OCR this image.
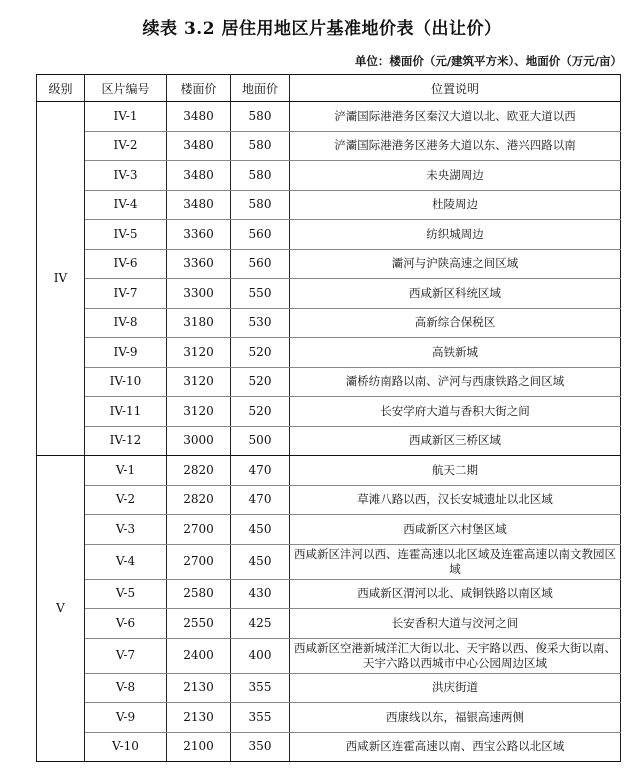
续表 3.2 居住用地区片基准地价表（出让价）
单位：楼面价（元/建筑平方米）、地面价（万元/亩）
级别	区片编号	楼面价	地面价	位置说明
IV	IV-1	3480	580	浐灞国际港港务区秦汉大道以北、欧亚大道以西
	IV-2	3480	580	浐灞国际港港务区港务大道以东、港兴四路以南
	IV-3	3480	580	未央湖周边
	IV-4	3480	580	杜陵周边
	IV-5	3360	560	纺织城周边
	IV-6	3360	560	灞河与沪陕高速之间区域
	IV-7	3300	550	西咸新区科统区域
	IV-8	3180	530	高新综合保税区
	IV-9	3120	520	高铁新城
	IV-10	3120	520	灞桥纺南路以南、浐河与西康铁路之间区域
	IV-11	3120	520	长安学府大道与香积大街之间
	IV-12	3000	500	西咸新区三桥区域
V	V-1	2820	470	航天二期
	V-2	2820	470	草滩八路以西，汉长安城遗址以北区域
	V-3	2700	450	西咸新区六村堡区域
	V-4	2700	450	西咸新区沣河以西、连霍高速以北区域及连霍高速以南文教园区域
	V-5	2580	430	西咸新区渭河以北、咸铜铁路以南区域
	V-6	2550	425	长安香积大道与洨河之间
	V-7	2400	400	西咸新区空港新城洋汇大街以北、天宇路以西、俊采大街以南、天宇六路以西城市中心公园周边区域
	V-8	2130	355	洪庆街道
	V-9	2130	355	西康线以东，福银高速两侧
	V-10	2100	350	西咸新区连霍高速以南、西宝公路以北区域
